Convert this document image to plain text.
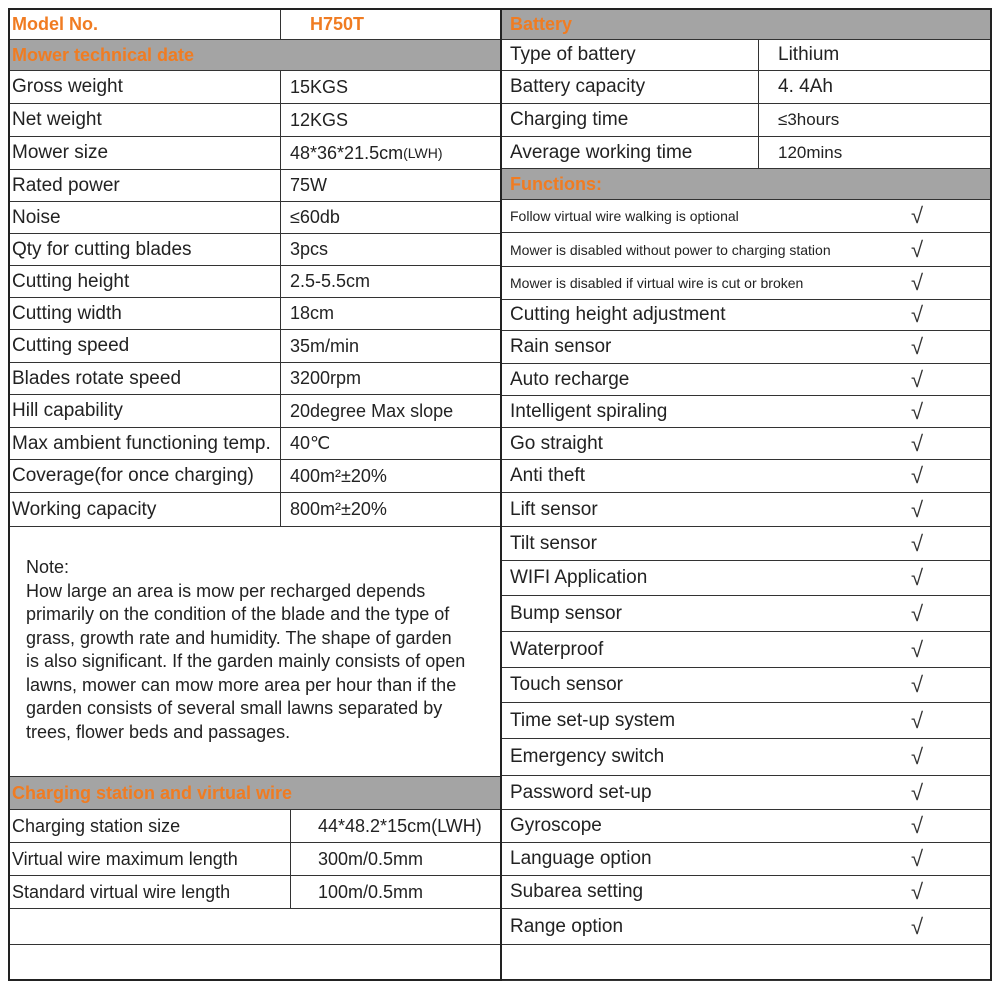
Model No.	H750T
Mower technical date
Gross weight	15KGS
Net weight	12KGS
Mower size	48*36*21.5cm (LWH)
Rated power	75W
Noise	≤60db
Qty for cutting blades	3pcs
Cutting height	2.5-5.5cm
Cutting width	18cm
Cutting speed	35m/min
Blades rotate speed	3200rpm
Hill capability	20degree Max slope
Max ambient functioning temp.	40℃
Coverage(for once charging)	400m²±20%
Working capacity	800m²±20%
Charging station and virtual wire
Charging station size	44*48.2*15cm(LWH)
Virtual wire maximum length	300m/0.5mm
Standard virtual wire length	100m/0.5mm
Battery
Type of battery	Lithium
Battery capacity	4. 4Ah
Charging time	≤3hours
Average working time	120mins
Functions:
Follow virtual wire walking is optional	√
Mower is disabled without power to charging station	√
Mower is disabled if virtual wire is cut or broken	√
Cutting height adjustment	√
Rain sensor	√
Auto recharge	√
Intelligent spiraling	√
Go straight	√
Anti theft	√
Lift sensor	√
Tilt sensor	√
WIFI Application	√
Bump sensor	√
Waterproof	√
Touch sensor	√
Time set-up system	√
Emergency switch	√
Password set-up	√
Gyroscope	√
Language option	√
Subarea setting	√
Range option	√
Note:
How large an area is mow per recharged depends
primarily on the condition of the blade and the type of
grass, growth rate and humidity. The shape of garden
is also significant. If the garden mainly consists of open
lawns, mower can mow more area per hour than if the
garden consists of several small lawns separated by
trees, flower beds and passages.
